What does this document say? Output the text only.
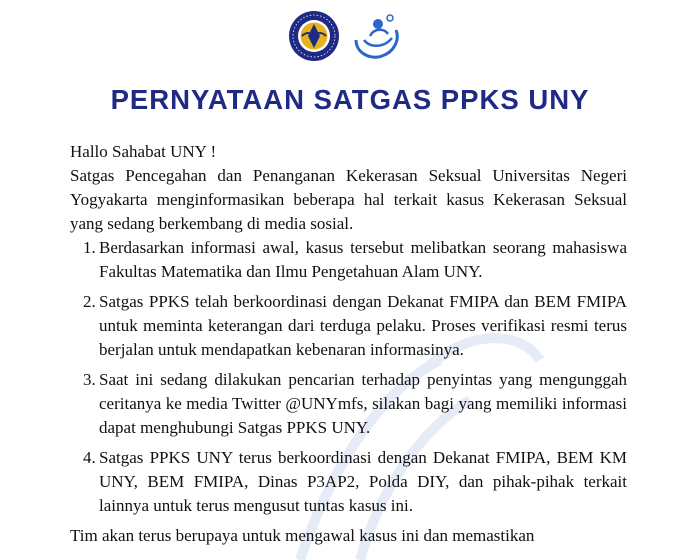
PERNYATAAN SATGAS PPKS UNY

Hallo Sahabat UNY !

Satgas Pencegahan dan Penanganan Kekerasan Seksual Universitas Negeri Yogyakarta menginformasikan beberapa hal terkait kasus Kekerasan Seksual yang sedang berkembang di media sosial.

1. Berdasarkan informasi awal, kasus tersebut melibatkan seorang mahasiswa Fakultas Matematika dan Ilmu Pengetahuan Alam UNY.
2. Satgas PPKS telah berkoordinasi dengan Dekanat FMIPA dan BEM FMIPA untuk meminta keterangan dari terduga pelaku. Proses verifikasi resmi terus berjalan untuk mendapatkan kebenaran informasinya.
3. Saat ini sedang dilakukan pencarian terhadap penyintas yang mengunggah ceritanya ke media Twitter @UNYmfs, silakan bagi yang memiliki informasi dapat menghubungi Satgas PPKS UNY.
4. Satgas PPKS UNY terus berkoordinasi dengan Dekanat FMIPA, BEM KM UNY, BEM FMIPA, Dinas P3AP2, Polda DIY, dan pihak-pihak terkait lainnya untuk terus mengusut tuntas kasus ini.

Tim akan terus berupaya untuk mengawal kasus ini dan memastikan
